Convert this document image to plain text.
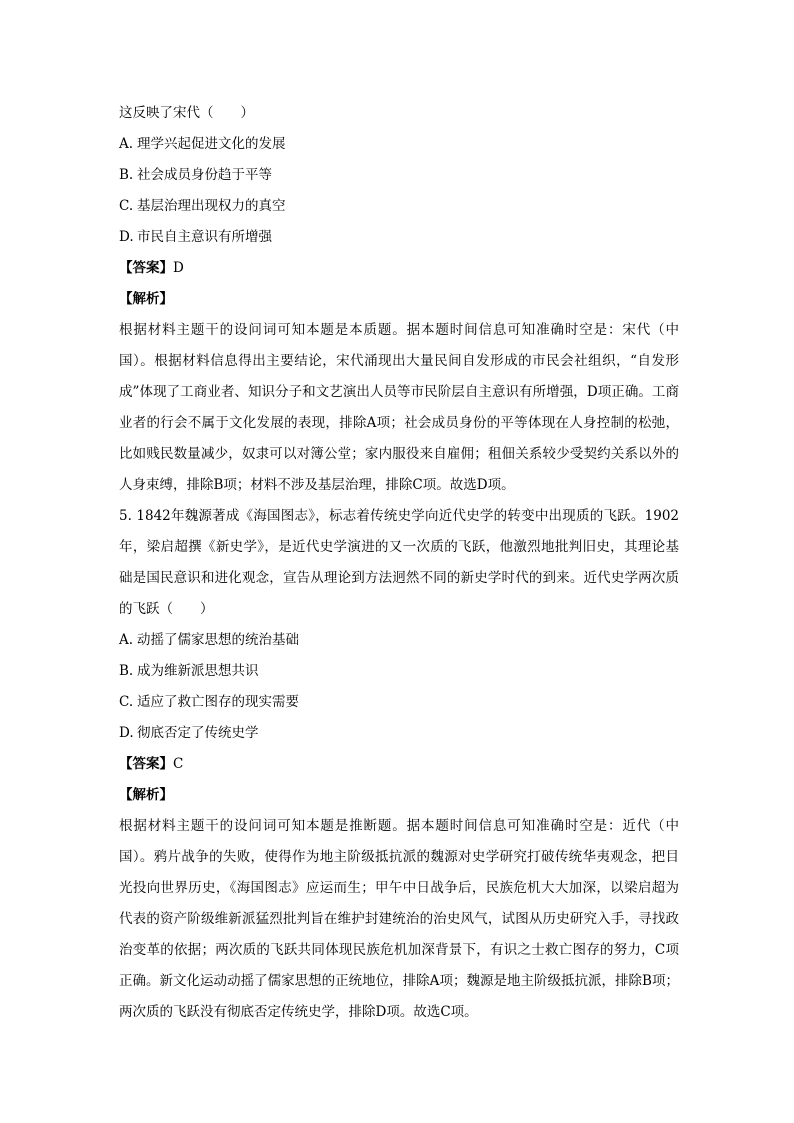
这反映了宋代（　　）
A. 理学兴起促进文化的发展
B. 社会成员身份趋于平等
C. 基层治理出现权力的真空
D. 市民自主意识有所增强
【答案】D
【解析】
根据材料主题干的设问词可知本题是本质题。据本题时间信息可知准确时空是：宋代（中国）。根据材料信息得出主要结论，宋代涌现出大量民间自发形成的市民会社组织，“自发形成”体现了工商业者、知识分子和文艺演出人员等市民阶层自主意识有所增强，D项正确。工商业者的行会不属于文化发展的表现，排除A项；社会成员身份的平等体现在人身控制的松弛，比如贱民数量减少，奴隶可以对簿公堂；家内服役来自雇佣；租佃关系较少受契约关系以外的人身束缚，排除B项；材料不涉及基层治理，排除C项。故选D项。
5. 1842年魏源著成《海国图志》，标志着传统史学向近代史学的转变中出现质的飞跃。1902年，梁启超撰《新史学》，是近代史学演进的又一次质的飞跃，他激烈地批判旧史，其理论基础是国民意识和进化观念，宣告从理论到方法迥然不同的新史学时代的到来。近代史学两次质的飞跃（　　）
A. 动摇了儒家思想的统治基础
B. 成为维新派思想共识
C. 适应了救亡图存的现实需要
D. 彻底否定了传统史学
【答案】C
【解析】
根据材料主题干的设问词可知本题是推断题。据本题时间信息可知准确时空是：近代（中国）。鸦片战争的失败，使得作为地主阶级抵抗派的魏源对史学研究打破传统华夷观念，把目光投向世界历史，《海国图志》应运而生；甲午中日战争后，民族危机大大加深，以梁启超为代表的资产阶级维新派猛烈批判旨在维护封建统治的治史风气，试图从历史研究入手，寻找政治变革的依据；两次质的飞跃共同体现民族危机加深背景下，有识之士救亡图存的努力，C项正确。新文化运动动摇了儒家思想的正统地位，排除A项；魏源是地主阶级抵抗派，排除B项；两次质的飞跃没有彻底否定传统史学，排除D项。故选C项。
